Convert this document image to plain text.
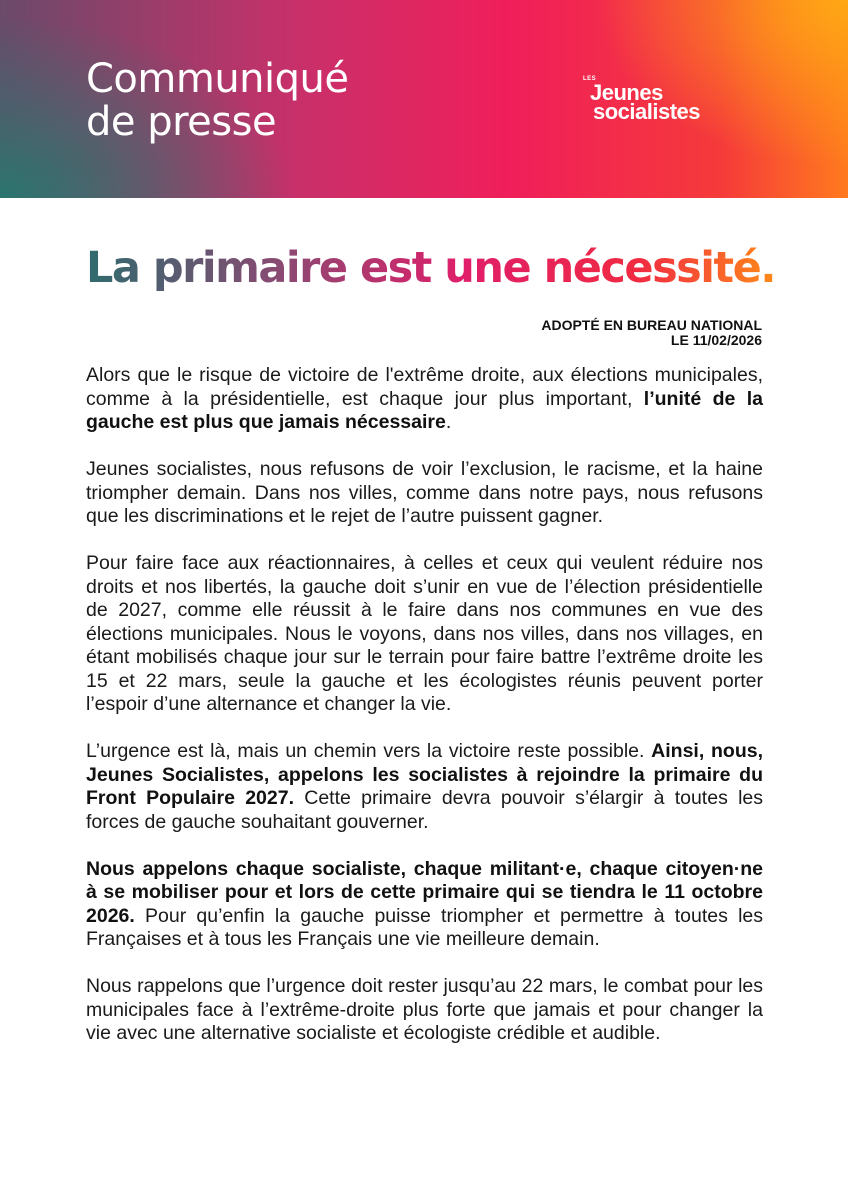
Communiqué
de presse
LES
Jeunes
socialistes
La primaire est une nécessité.
ADOPTÉ EN BUREAU NATIONAL
LE 11/02/2026

Alors que le risque de victoire de l'extrême droite, aux élections municipales, comme à la présidentielle, est chaque jour plus important, l’unité de la gauche est plus que jamais nécessaire.

Jeunes socialistes, nous refusons de voir l’exclusion, le racisme, et la haine triompher demain. Dans nos villes, comme dans notre pays, nous refusons que les discriminations et le rejet de l’autre puissent gagner.

Pour faire face aux réactionnaires, à celles et ceux qui veulent réduire nos droits et nos libertés, la gauche doit s’unir en vue de l’élection présidentielle de 2027, comme elle réussit à le faire dans nos communes en vue des élections municipales. Nous le voyons, dans nos villes, dans nos villages, en étant mobilisés chaque jour sur le terrain pour faire battre l’extrême droite les 15 et 22 mars, seule la gauche et les écologistes réunis peuvent porter l’espoir d’une alternance et changer la vie.

L’urgence est là, mais un chemin vers la victoire reste possible. Ainsi, nous, Jeunes Socialistes, appelons les socialistes à rejoindre la primaire du Front Populaire 2027. Cette primaire devra pouvoir s’élargir à toutes les forces de gauche souhaitant gouverner.

Nous appelons chaque socialiste, chaque militant·e, chaque citoyen·ne à se mobiliser pour et lors de cette primaire qui se tiendra le 11 octobre 2026. Pour qu’enfin la gauche puisse triompher et permettre à toutes les Françaises et à tous les Français une vie meilleure demain.

Nous rappelons que l’urgence doit rester jusqu’au 22 mars, le combat pour les municipales face à l’extrême-droite plus forte que jamais et pour changer la vie avec une alternative socialiste et écologiste crédible et audible.
